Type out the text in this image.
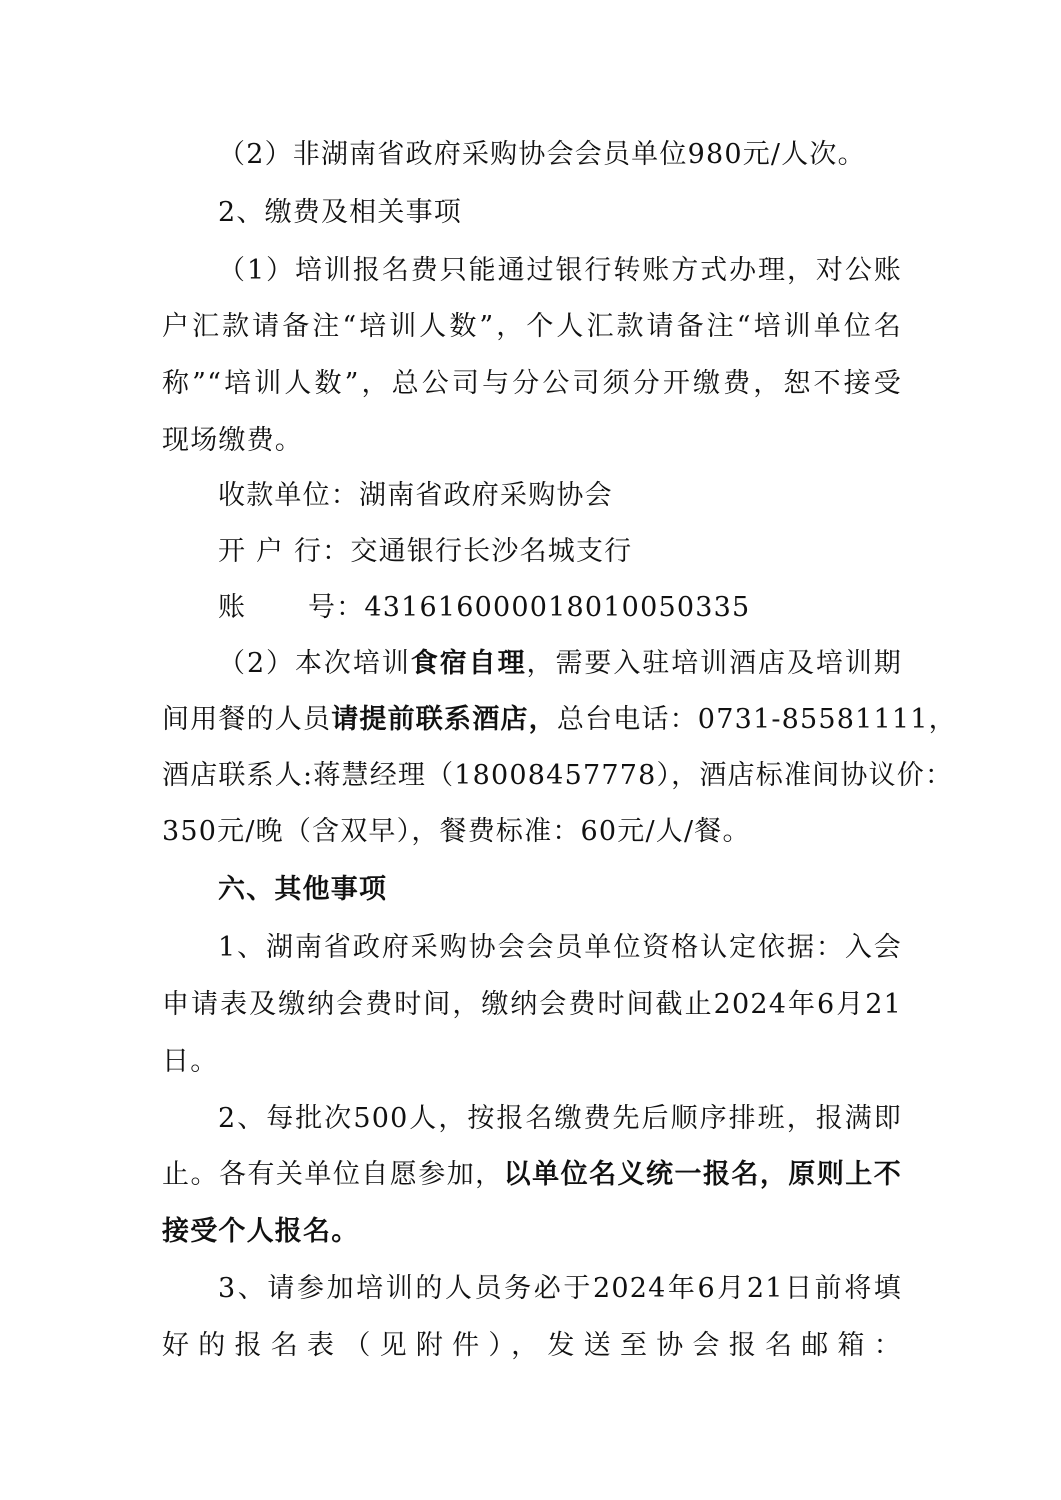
（2）非湖南省政府采购协会会员单位980元/人次。
2、缴费及相关事项
（1）培训报名费只能通过银行转账方式办理，对公账
户汇款请备注“培训人数”，个人汇款请备注“培训单位名
称”“培训人数”，总公司与分公司须分开缴费，恕不接受
现场缴费。
收款单位：湖南省政府采购协会
开 户 行：交通银行长沙名城支行
账 号：431616000018010050335
（2）本次培训食宿自理，需要入驻培训酒店及培训期
间用餐的人员请提前联系酒店，总台电话：0731-85581111，
酒店联系人:蒋慧经理（18008457778），酒店标准间协议价：
350元/晚（含双早），餐费标准：60元/人/餐。
六、其他事项
1、湖南省政府采购协会会员单位资格认定依据：入会
申请表及缴纳会费时间，缴纳会费时间截止2024年6月21
日。
2、每批次500人，按报名缴费先后顺序排班，报满即
止。各有关单位自愿参加，以单位名义统一报名，原则上不
接受个人报名。
3、请参加培训的人员务必于2024年6月21日前将填
好的报名表（见附件），发送至协会报名邮箱：
